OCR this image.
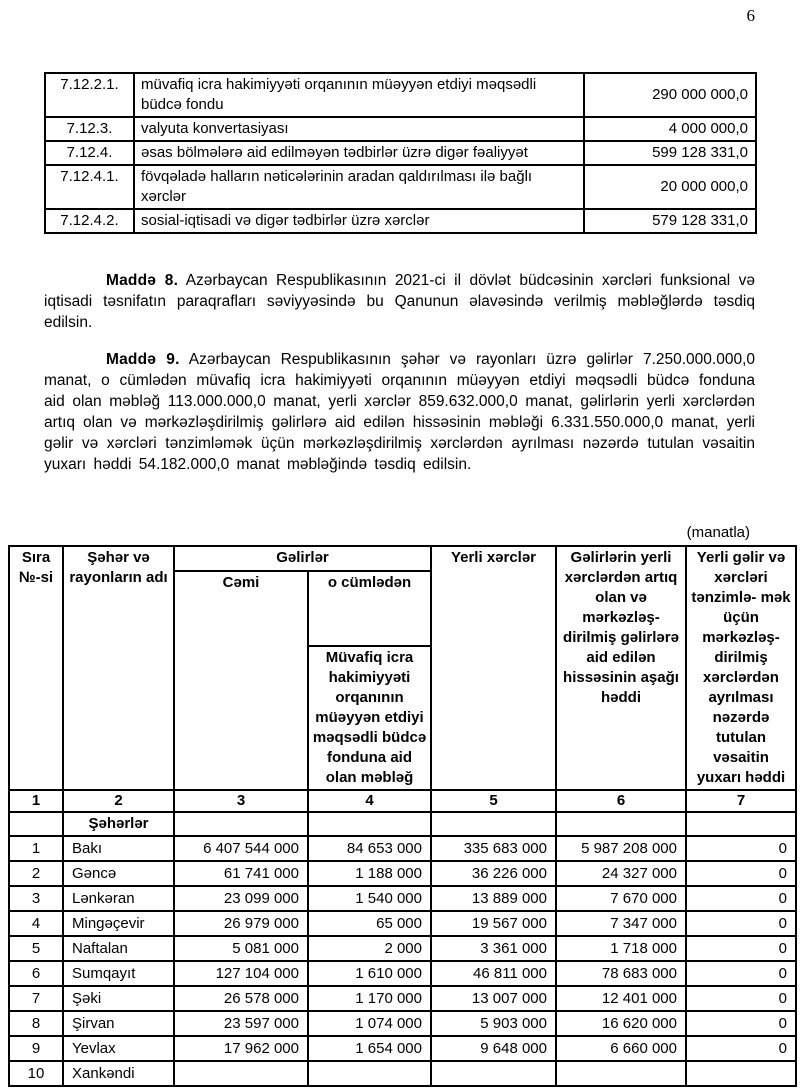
6
7.12.2.1.	müvafiq icra hakimiyyəti orqanının müəyyən etdiyi məqsədli büdcə fondu	290 000 000,0
7.12.3.	valyuta konvertasiyası	4 000 000,0
7.12.4.	əsas bölmələrə aid edilməyən tədbirlər üzrə digər fəaliyyət	599 128 331,0
7.12.4.1.	fövqəladə halların nəticələrinin aradan qaldırılması ilə bağlı xərclər	20 000 000,0
7.12.4.2.	sosial-iqtisadi və digər tədbirlər üzrə xərclər	579 128 331,0

Maddə 8. Azərbaycan Respublikasının 2021-ci il dövlət büdcəsinin xərcləri funksional və iqtisadi təsnifatın paraqrafları səviyyəsində bu Qanunun əlavəsində verilmiş məbləğlərdə təsdiq edilsin.

Maddə 9. Azərbaycan Respublikasının şəhər və rayonları üzrə gəlirlər 7.250.000.000,0 manat, o cümlədən müvafiq icra hakimiyyəti orqanının müəyyən etdiyi məqsədli büdcə fonduna aid olan məbləğ 113.000.000,0 manat, yerli xərclər 859.632.000,0 manat, gəlirlərin yerli xərclərdən artıq olan və mərkəzləşdirilmiş gəlirlərə aid edilən hissəsinin məbləği 6.331.550.000,0 manat, yerli gəlir və xərcləri tənzimləmək üçün mərkəzləşdirilmiş xərclərdən ayrılması nəzərdə tutulan vəsaitin yuxarı həddi 54.182.000,0 manat məbləğində təsdiq edilsin.

(manatla)
Sıra №-si	Şəhər və rayonların adı	Gəlirlər		Yerli xərclər	Gəlirlərin yerli xərclərdən artıq olan və mərkəzləş- dirilmiş gəlirlərə aid edilən hissəsinin aşağı həddi	Yerli gəlir və xərcləri tənzimlə- mək üçün mərkəzləş- dirilmiş xərclərdən ayrılması nəzərdə tutulan vəsaitin yuxarı həddi
		Cəmi	o cümlədən			
			Müvafiq icra hakimiyyəti orqanının müəyyən etdiyi məqsədli büdcə fonduna aid olan məbləğ			
1	2	3	4	5	6	7
	Şəhərlər					
1	Bakı	6 407 544 000	84 653 000	335 683 000	5 987 208 000	0
2	Gəncə	61 741 000	1 188 000	36 226 000	24 327 000	0
3	Lənkəran	23 099 000	1 540 000	13 889 000	7 670 000	0
4	Mingəçevir	26 979 000	65 000	19 567 000	7 347 000	0
5	Naftalan	5 081 000	2 000	3 361 000	1 718 000	0
6	Sumqayıt	127 104 000	1 610 000	46 811 000	78 683 000	0
7	Şəki	26 578 000	1 170 000	13 007 000	12 401 000	0
8	Şirvan	23 597 000	1 074 000	5 903 000	16 620 000	0
9	Yevlax	17 962 000	1 654 000	9 648 000	6 660 000	0
10	Xankəndi					
